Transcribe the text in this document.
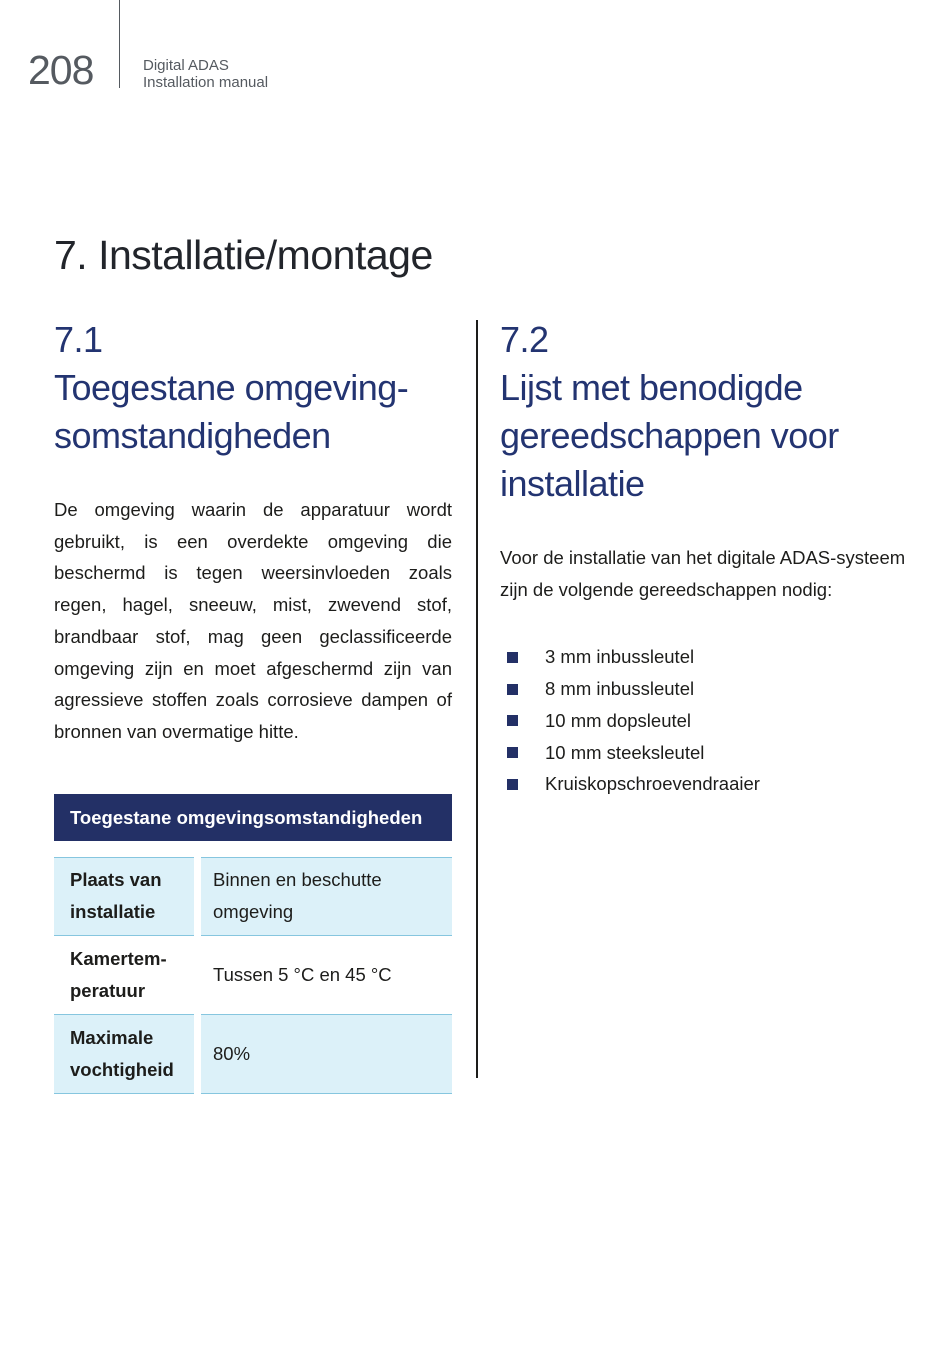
208	Digital ADAS
Installation manual
7. Installatie/montage
7.1
Toegestane omgeving-
somstandigheden

De omgeving waarin de apparatuur wordt gebruikt, is een overdekte omgeving die beschermd is tegen weersinvloeden zoals regen, hagel, sneeuw, mist, zwevend stof, brandbaar stof, mag geen geclassificeerde omgeving zijn en moet afgeschermd zijn van agressieve stoffen zoals corrosieve dampen of bronnen van overmatige hitte.

Toegestane omgevingsomstandigheden
Plaats van installatie
Binnen en beschutte omgeving
Kamertem-peratuur
Tussen 5 °C en 45 °C
Maximale vochtigheid
80%
7.2
Lijst met benodigde
gereedschappen voor
installatie

Voor de installatie van het digitale ADAS-systeem zijn de volgende gereedschappen nodig:

3 mm inbussleutel
8 mm inbussleutel
10 mm dopsleutel
10 mm steeksleutel
Kruiskopschroevendraaier
